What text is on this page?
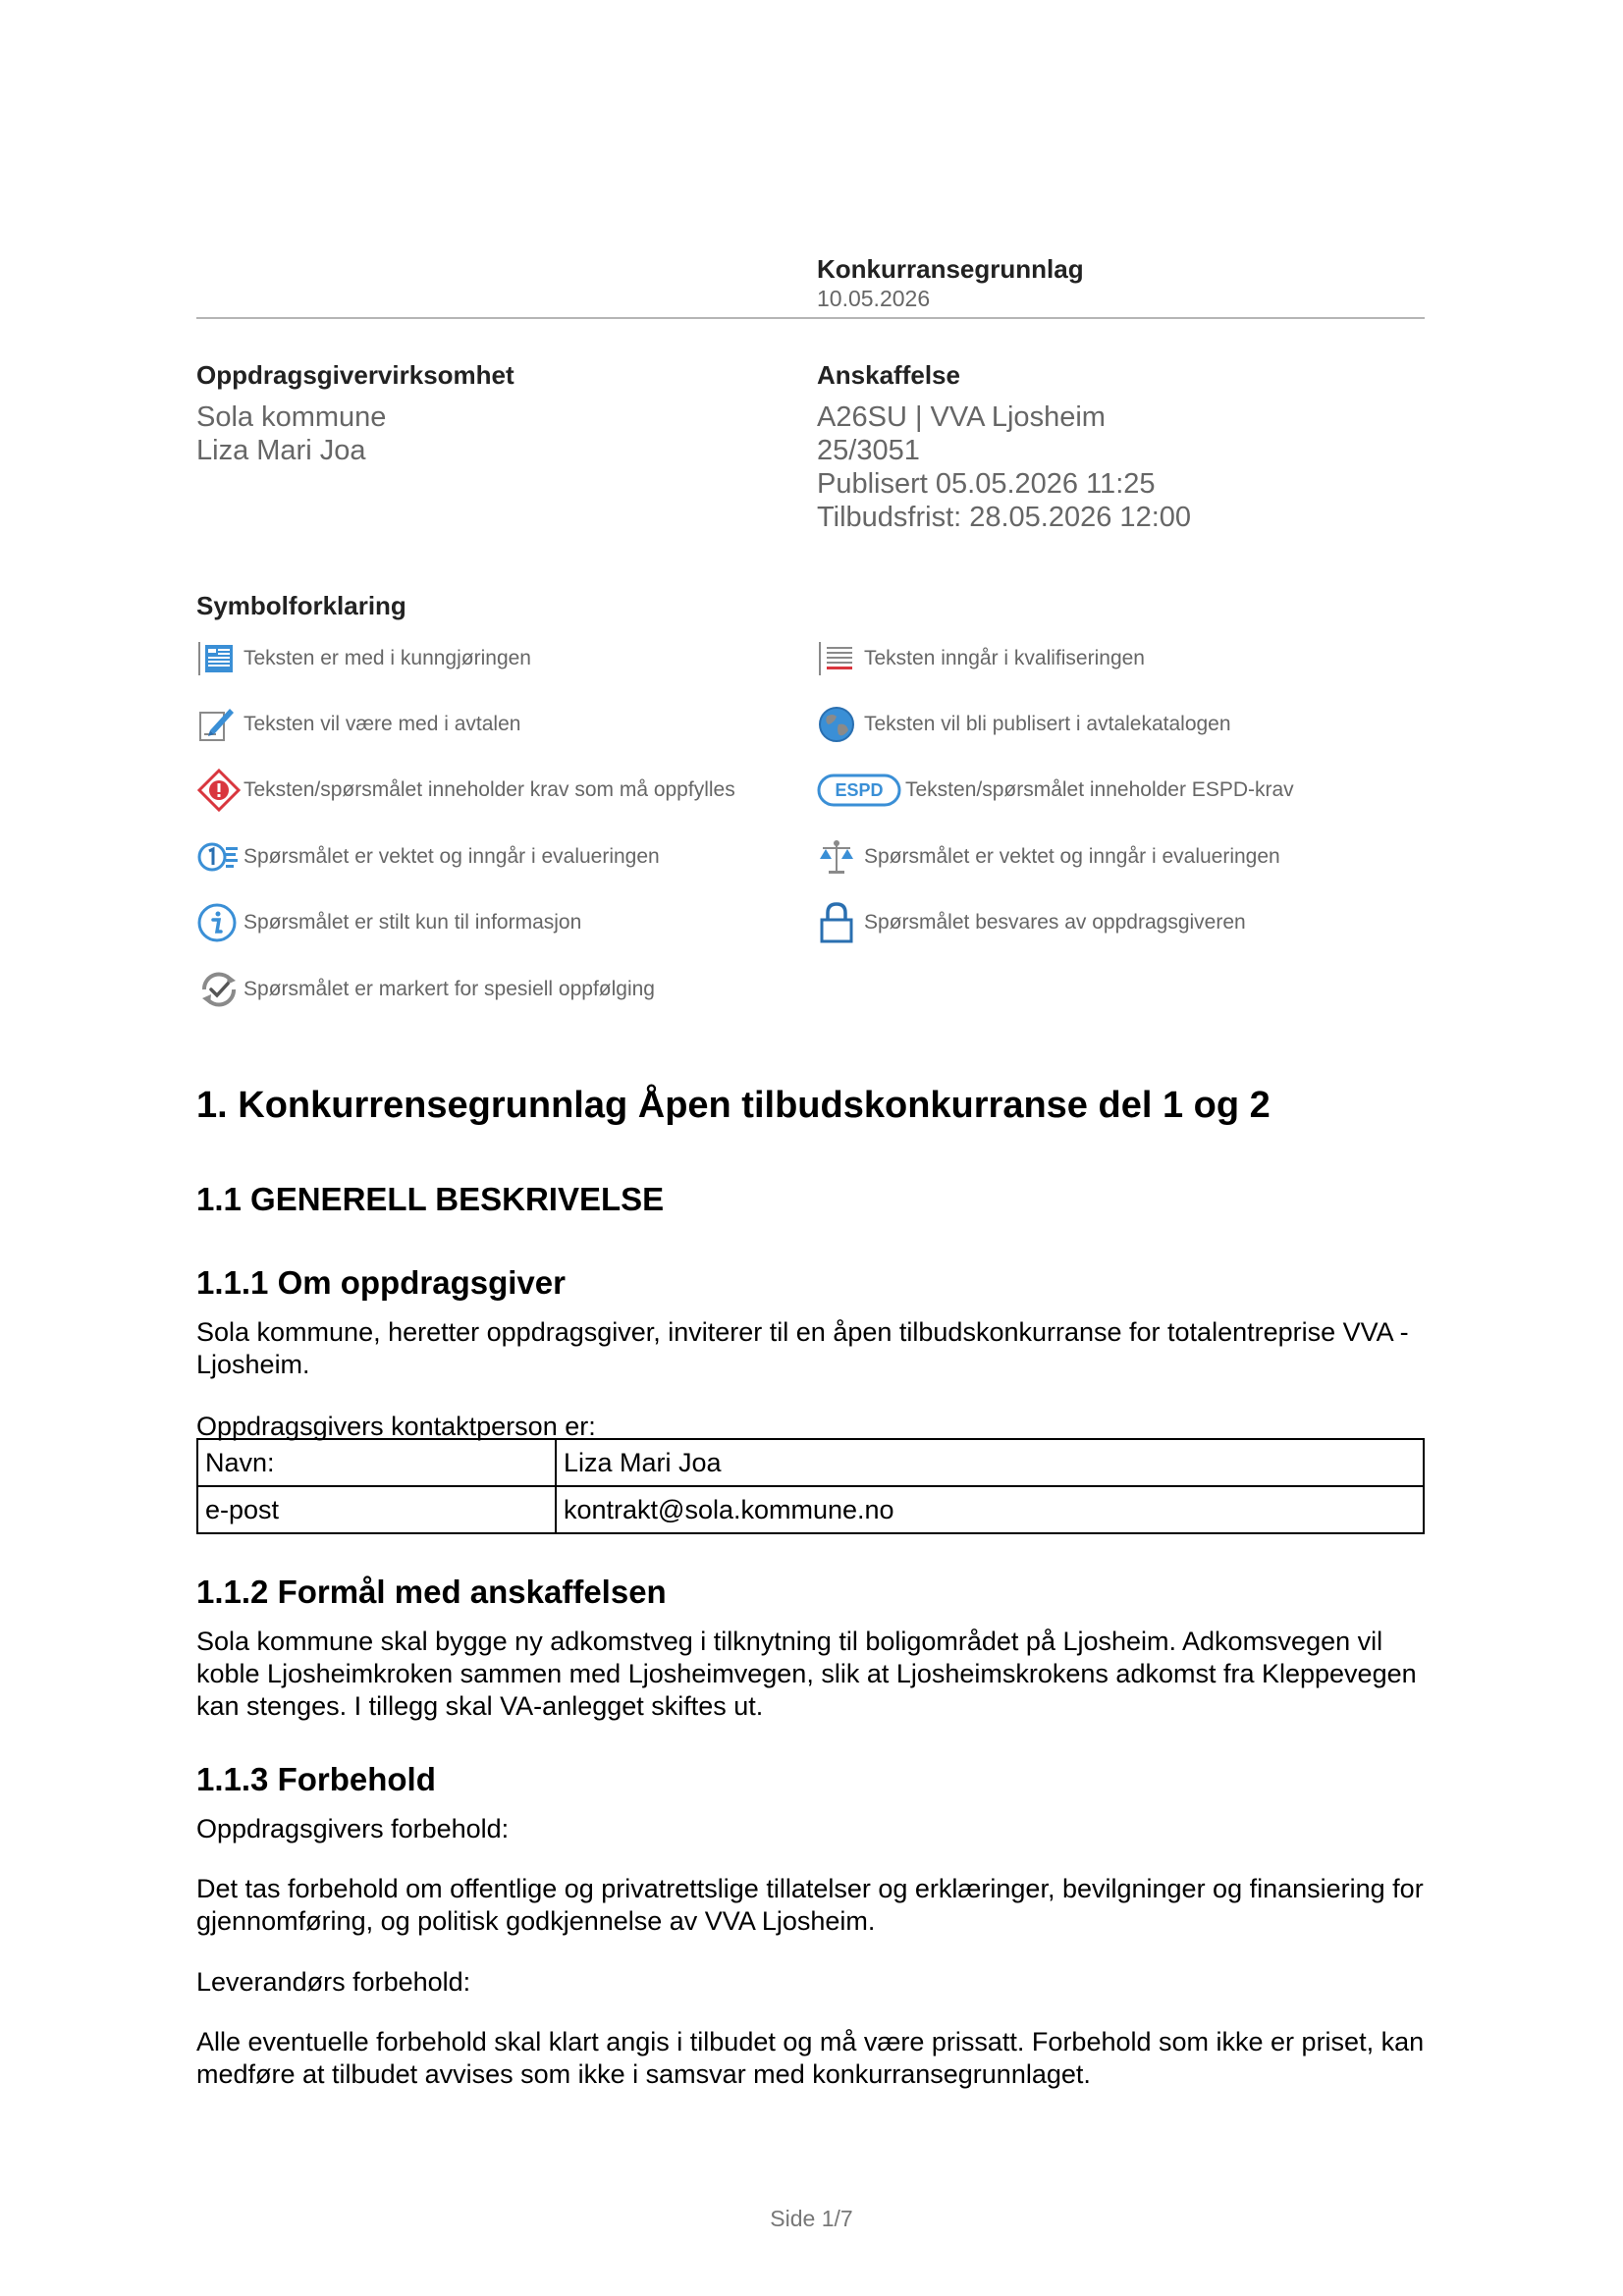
Konkurransegrunnlag
10.05.2026
Oppdragsgivervirksomhet
Sola kommune
Liza Mari Joa
Anskaffelse
A26SU | VVA Ljosheim
25/3051
Publisert 05.05.2026 11:25
Tilbudsfrist: 28.05.2026 12:00
Symbolforklaring
Teksten er med i kunngjøringen	Teksten inngår i kvalifiseringen
Teksten vil være med i avtalen	Teksten vil bli publisert i avtalekatalogen
Teksten/spørsmålet inneholder krav som må oppfylles	ESPD Teksten/spørsmålet inneholder ESPD-krav
Spørsmålet er vektet og inngår i evalueringen	Spørsmålet er vektet og inngår i evalueringen
Spørsmålet er stilt kun til informasjon	Spørsmålet besvares av oppdragsgiveren
Spørsmålet er markert for spesiell oppfølging
1. Konkurrensegrunnlag Åpen tilbudskonkurranse del 1 og 2
1.1 GENERELL BESKRIVELSE
1.1.1 Om oppdragsgiver
Sola kommune, heretter oppdragsgiver, inviterer til en åpen tilbudskonkurranse for totalentreprise VVA - Ljosheim.
Oppdragsgivers kontaktperson er:
Navn:	Liza Mari Joa
e-post	kontrakt@sola.kommune.no
1.1.2 Formål med anskaffelsen
Sola kommune skal bygge ny adkomstveg i tilknytning til boligområdet på Ljosheim. Adkomsvegen vil koble Ljosheimkroken sammen med Ljosheimvegen, slik at Ljosheimskrokens adkomst fra Kleppevegen kan stenges. I tillegg skal VA-anlegget skiftes ut.
1.1.3 Forbehold
Oppdragsgivers forbehold:
Det tas forbehold om offentlige og privatrettslige tillatelser og erklæringer, bevilgninger og finansiering for gjennomføring, og politisk godkjennelse av VVA Ljosheim.
Leverandørs forbehold:
Alle eventuelle forbehold skal klart angis i tilbudet og må være prissatt. Forbehold som ikke er priset, kan medføre at tilbudet avvises som ikke i samsvar med konkurransegrunnlaget.
Side 1/7
